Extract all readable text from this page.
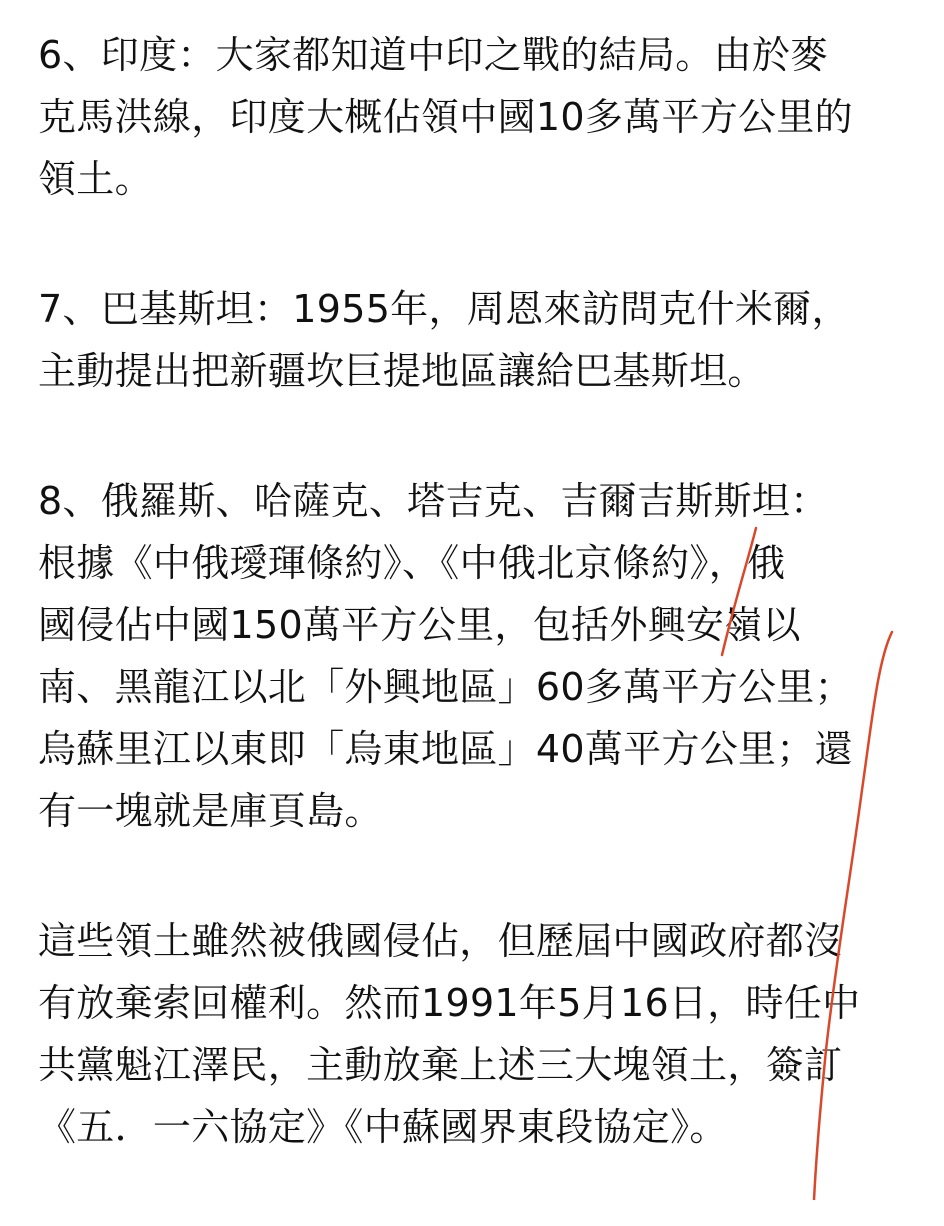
6、印度：大家都知道中印之戰的結局。由於麥
克馬洪線，印度大概佔領中國10多萬平方公里的
領土。
7、巴基斯坦：1955年，周恩來訪問克什米爾，
主動提出把新疆坎巨提地區讓給巴基斯坦。
8、俄羅斯、哈薩克、塔吉克、吉爾吉斯斯坦：
根據《中俄璦琿條約》、《中俄北京條約》，俄
國侵佔中國150萬平方公里，包括外興安嶺以
南、黑龍江以北「外興地區」60多萬平方公里；
烏蘇里江以東即「烏東地區」40萬平方公里；還
有一塊就是庫頁島。
這些領土雖然被俄國侵佔，但歷屆中國政府都沒
有放棄索回權利。然而1991年5月16日，時任中
共黨魁江澤民，主動放棄上述三大塊領土，簽訂
《五．一六協定》《中蘇國界東段協定》。
